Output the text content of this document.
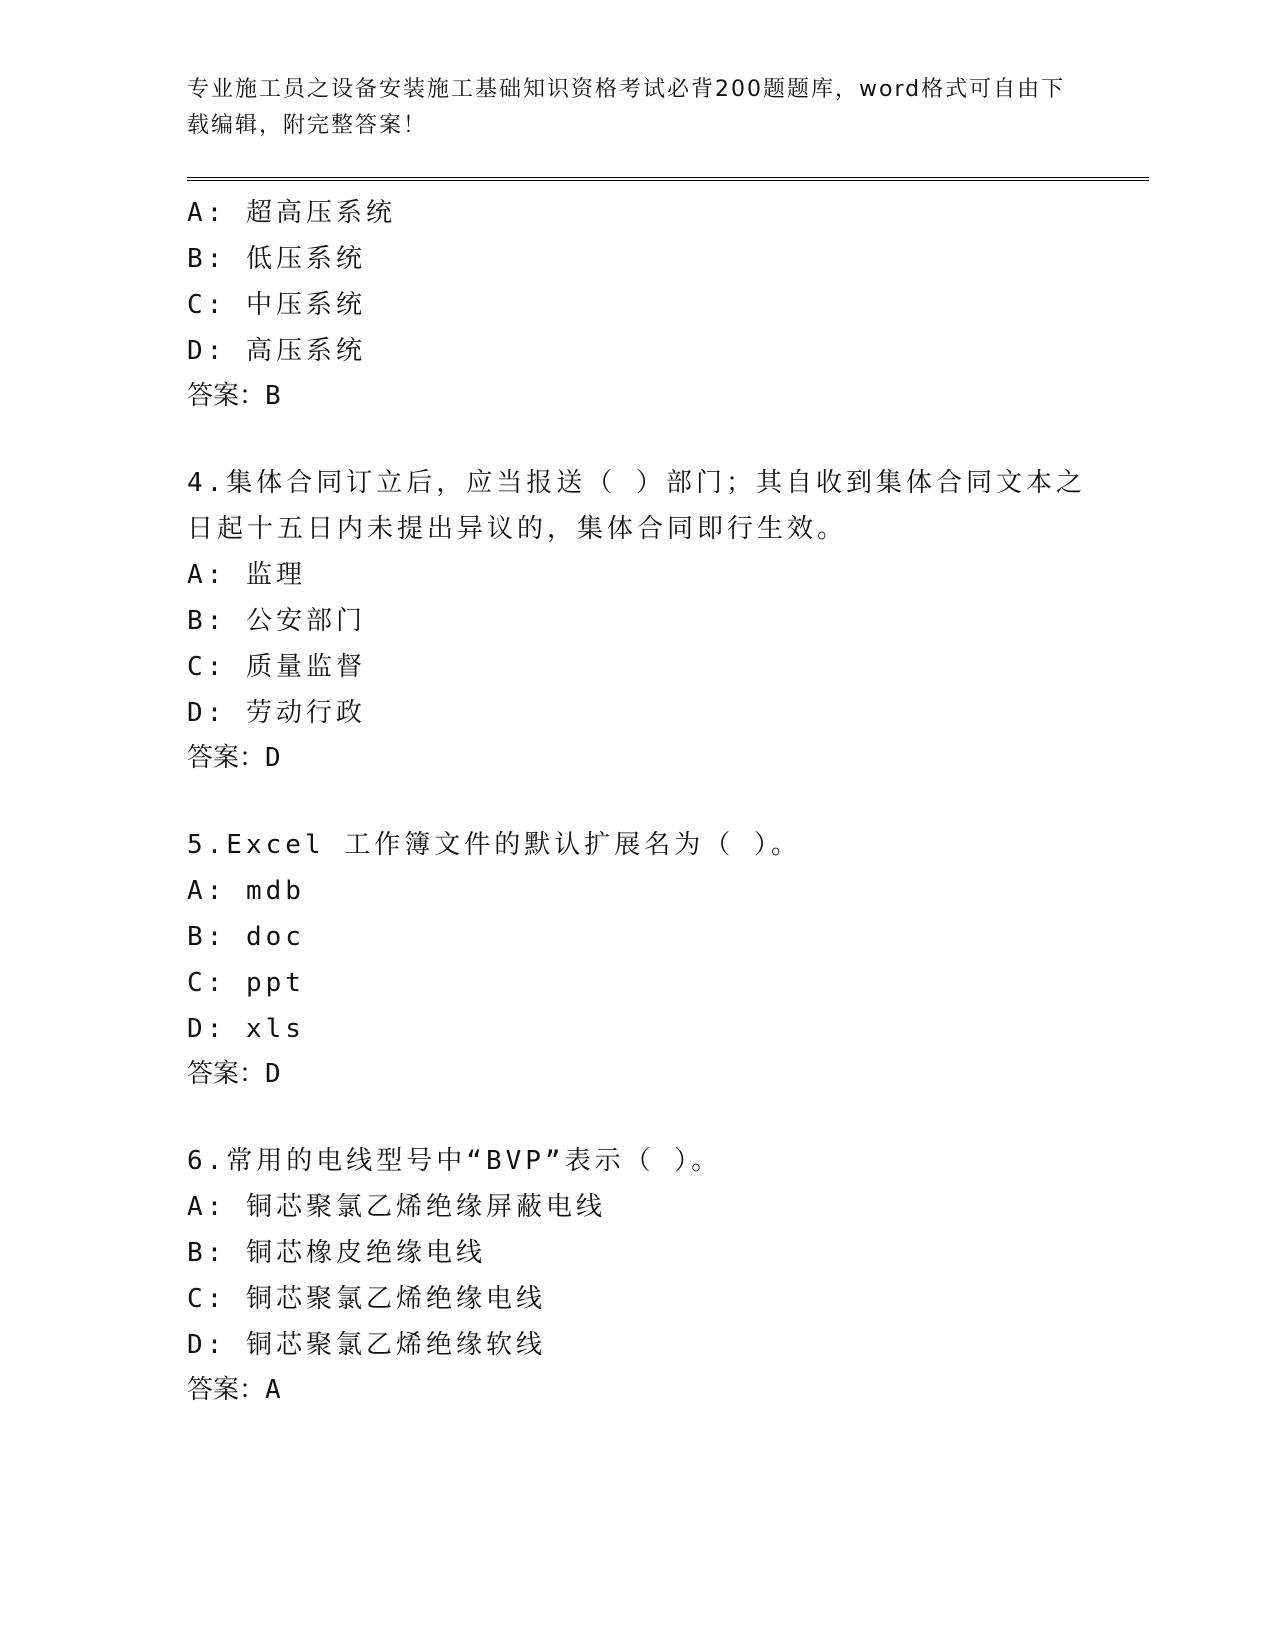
专业施工员之设备安装施工基础知识资格考试必背200题题库，word格式可自由下载编辑，附完整答案！
A: 超高压系统
B: 低压系统
C: 中压系统
D: 高压系统
答案：B
4.集体合同订立后，应当报送（ ）部门；其自收到集体合同文本之日起十五日内未提出异议的，集体合同即行生效。
A: 监理
B: 公安部门
C: 质量监督
D: 劳动行政
答案：D
5.Excel 工作簿文件的默认扩展名为（ ）。
A: mdb
B: doc
C: ppt
D: xls
答案：D
6.常用的电线型号中“BVP”表示（ ）。
A: 铜芯聚氯乙烯绝缘屏蔽电线
B: 铜芯橡皮绝缘电线
C: 铜芯聚氯乙烯绝缘电线
D: 铜芯聚氯乙烯绝缘软线
答案：A
